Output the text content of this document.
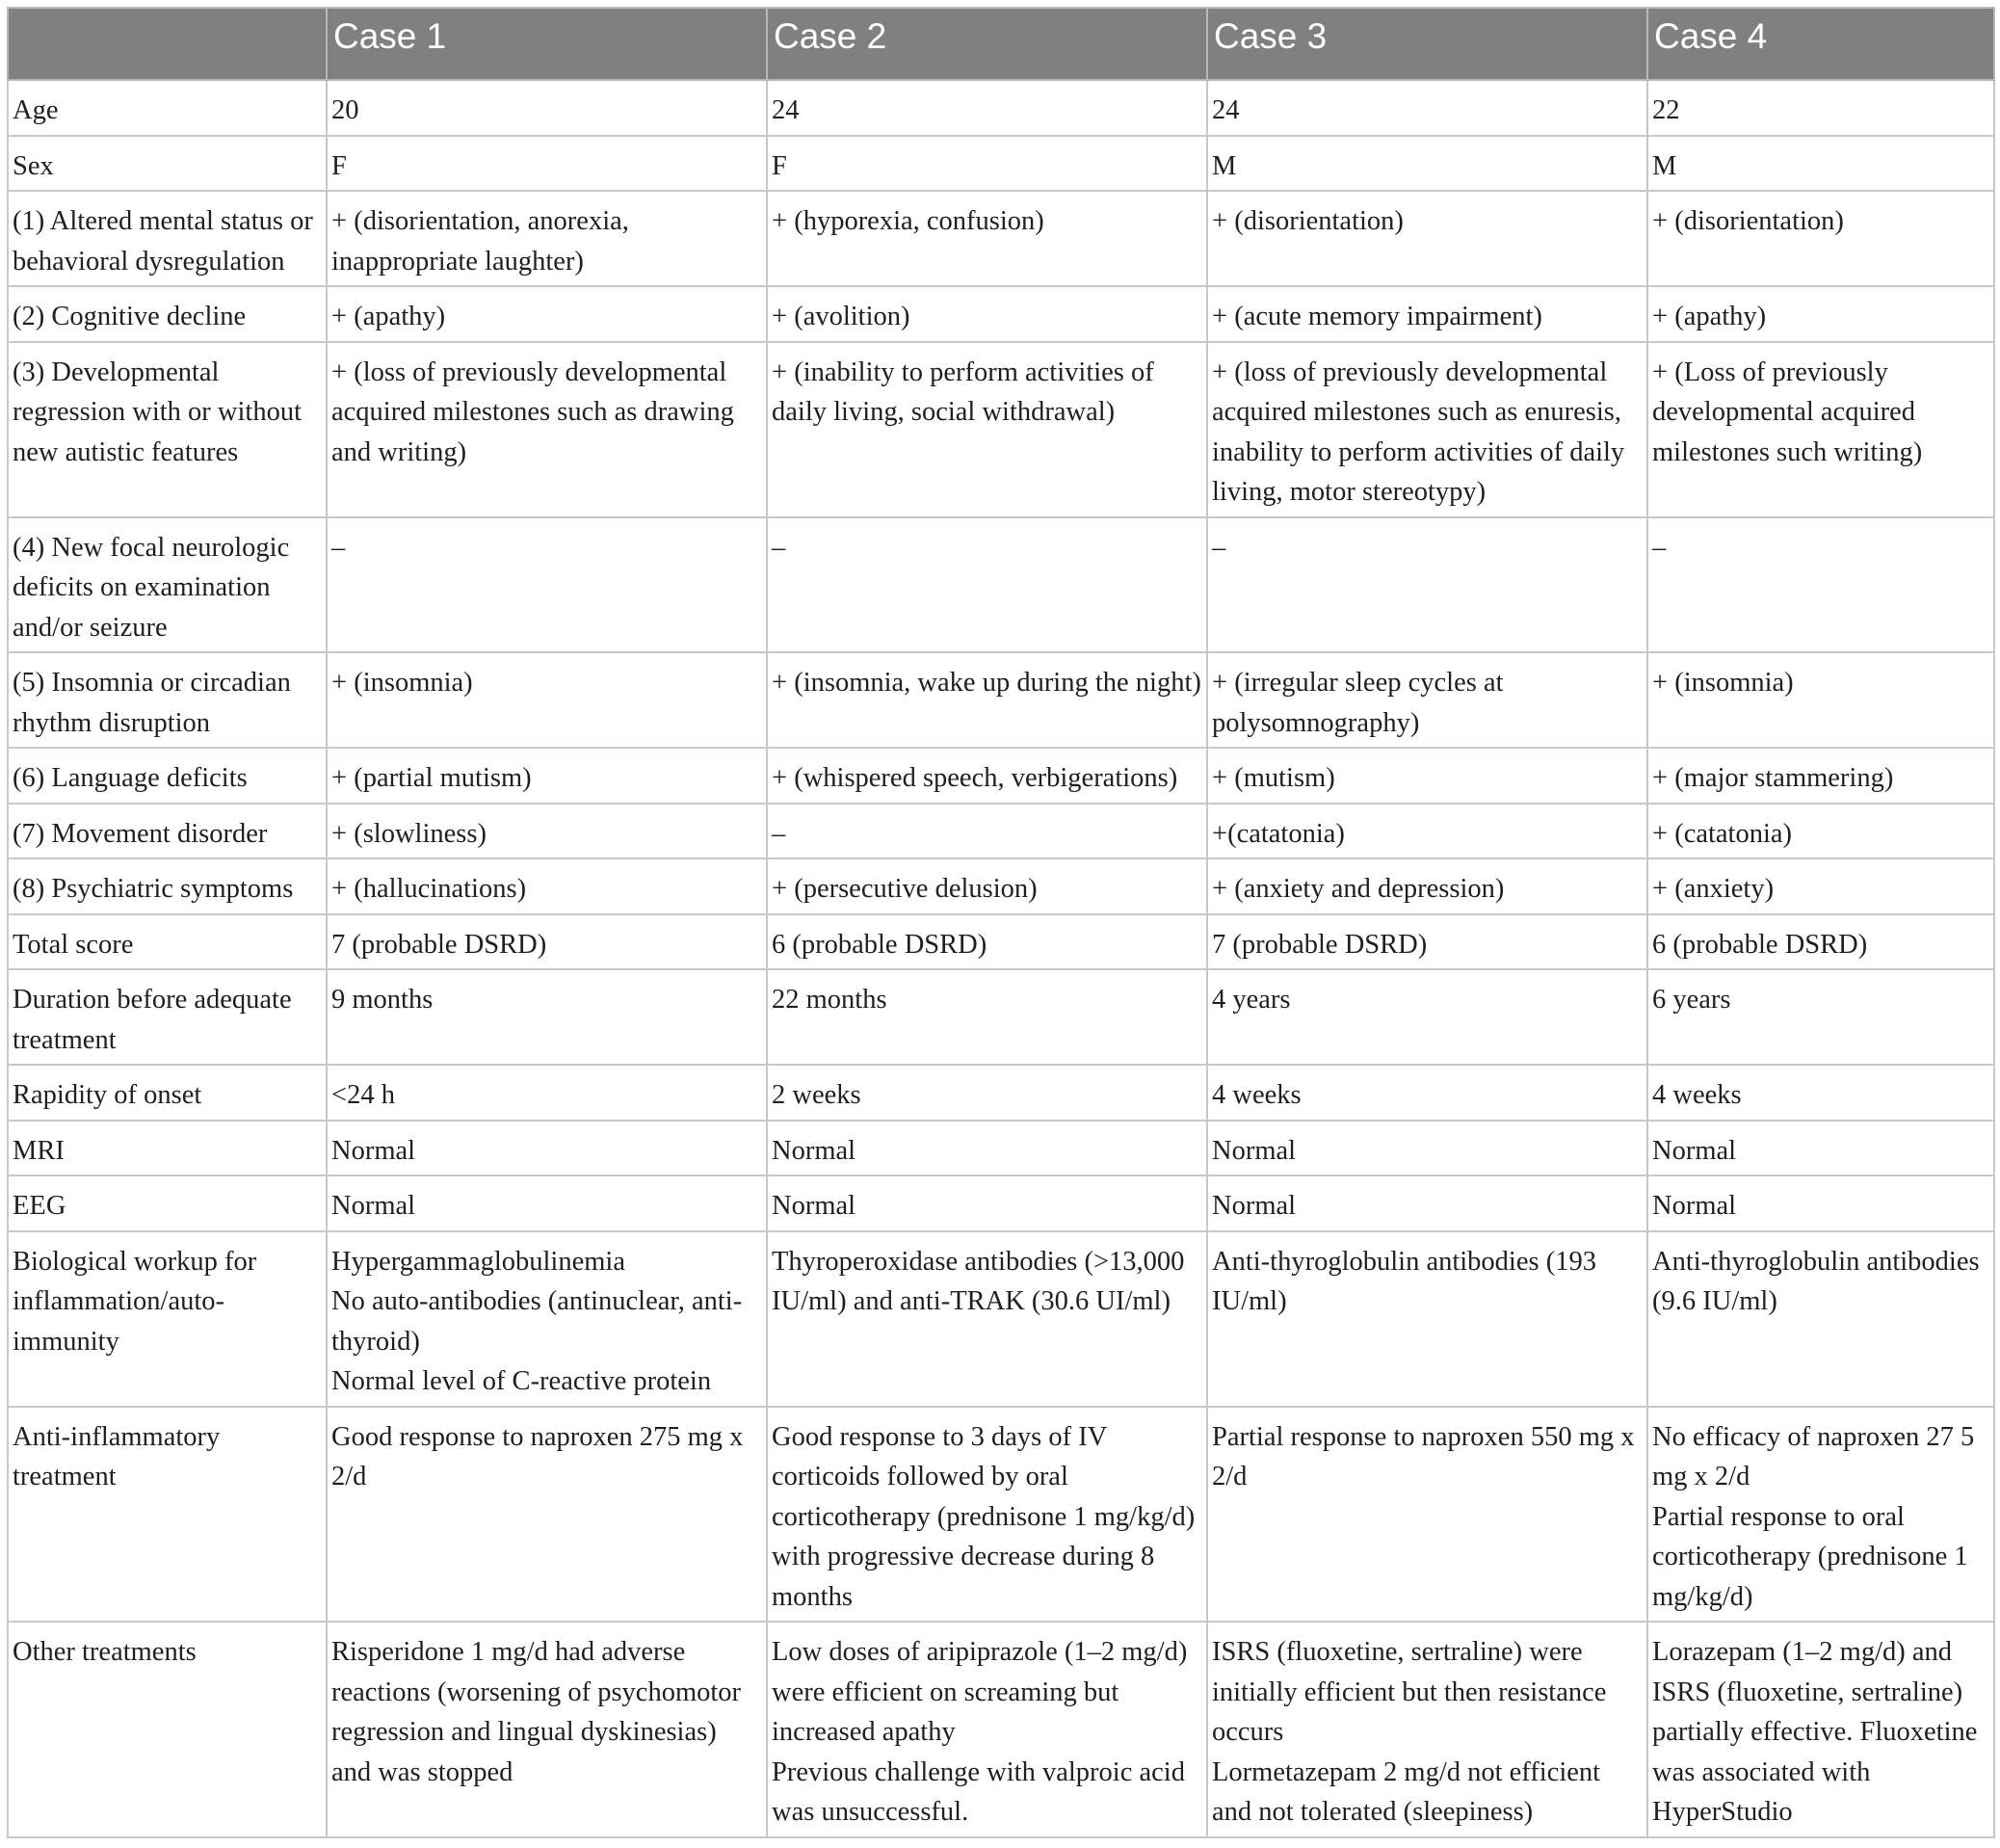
	Case 1	Case 2	Case 3	Case 4
Age	20	24	24	22

Sex	F	F	M	M

(1) Altered mental status or behavioral dysregulation	+ (disorientation, anorexia, inappropriate laughter)	+ (hyporexia, confusion)	+ (disorientation)	+ (disorientation)

(2) Cognitive decline	+ (apathy)	+ (avolition)	+ (acute memory impairment)	+ (apathy)

(3) Developmental regression with or without new autistic features	+ (loss of previously developmental acquired milestones such as drawing and writing)	+ (inability to perform activities of daily living, social withdrawal)	+ (loss of previously developmental acquired milestones such as enuresis, inability to perform activities of daily living, motor stereotypy)	+ (Loss of previously developmental acquired milestones such writing)

(4) New focal neurologic deficits on examination and/or seizure	–	–	–	–

(5) Insomnia or circadian rhythm disruption	+ (insomnia)	+ (insomnia, wake up during the night)	+ (irregular sleep cycles at polysomnography)	+ (insomnia)

(6) Language deficits	+ (partial mutism)	+ (whispered speech, verbigerations)	+ (mutism)	+ (major stammering)

(7) Movement disorder	+ (slowliness)	–	+(catatonia)	+ (catatonia)

(8) Psychiatric symptoms	+ (hallucinations)	+ (persecutive delusion)	+ (anxiety and depression)	+ (anxiety)

Total score	7 (probable DSRD)	6 (probable DSRD)	7 (probable DSRD)	6 (probable DSRD)

Duration before adequate treatment	9 months	22 months	4 years	6 years

Rapidity of onset	<24 h	2 weeks	4 weeks	4 weeks

MRI	Normal	Normal	Normal	Normal

EEG	Normal	Normal	Normal	Normal

Biological workup for inflammation/auto-immunity	Hypergammaglobulinemia
No auto-antibodies (antinuclear, anti-thyroid)
Normal level of C-reactive protein	Thyroperoxidase antibodies (>13,000 IU/ml) and anti-TRAK (30.6 UI/ml)	Anti-thyroglobulin antibodies (193 IU/ml)	Anti-thyroglobulin antibodies (9.6 IU/ml)

Anti-inflammatory treatment	Good response to naproxen 275 mg x 2/d	Good response to 3 days of IV corticoids followed by oral corticotherapy (prednisone 1 mg/kg/d) with progressive decrease during 8 months	Partial response to naproxen 550 mg x 2/d	No efficacy of naproxen 27 5 mg x 2/d
Partial response to oral corticotherapy (prednisone 1 mg/kg/d)

Other treatments	Risperidone 1 mg/d had adverse reactions (worsening of psychomotor regression and lingual dyskinesias) and was stopped	Low doses of aripiprazole (1–2 mg/d) were efficient on screaming but increased apathy
Previous challenge with valproic acid was unsuccessful.	ISRS (fluoxetine, sertraline) were initially efficient but then resistance occurs
Lormetazepam 2 mg/d not efficient and not tolerated (sleepiness)	Lorazepam (1–2 mg/d) and ISRS (fluoxetine, sertraline) partially effective. Fluoxetine was associated with HyperStudio
